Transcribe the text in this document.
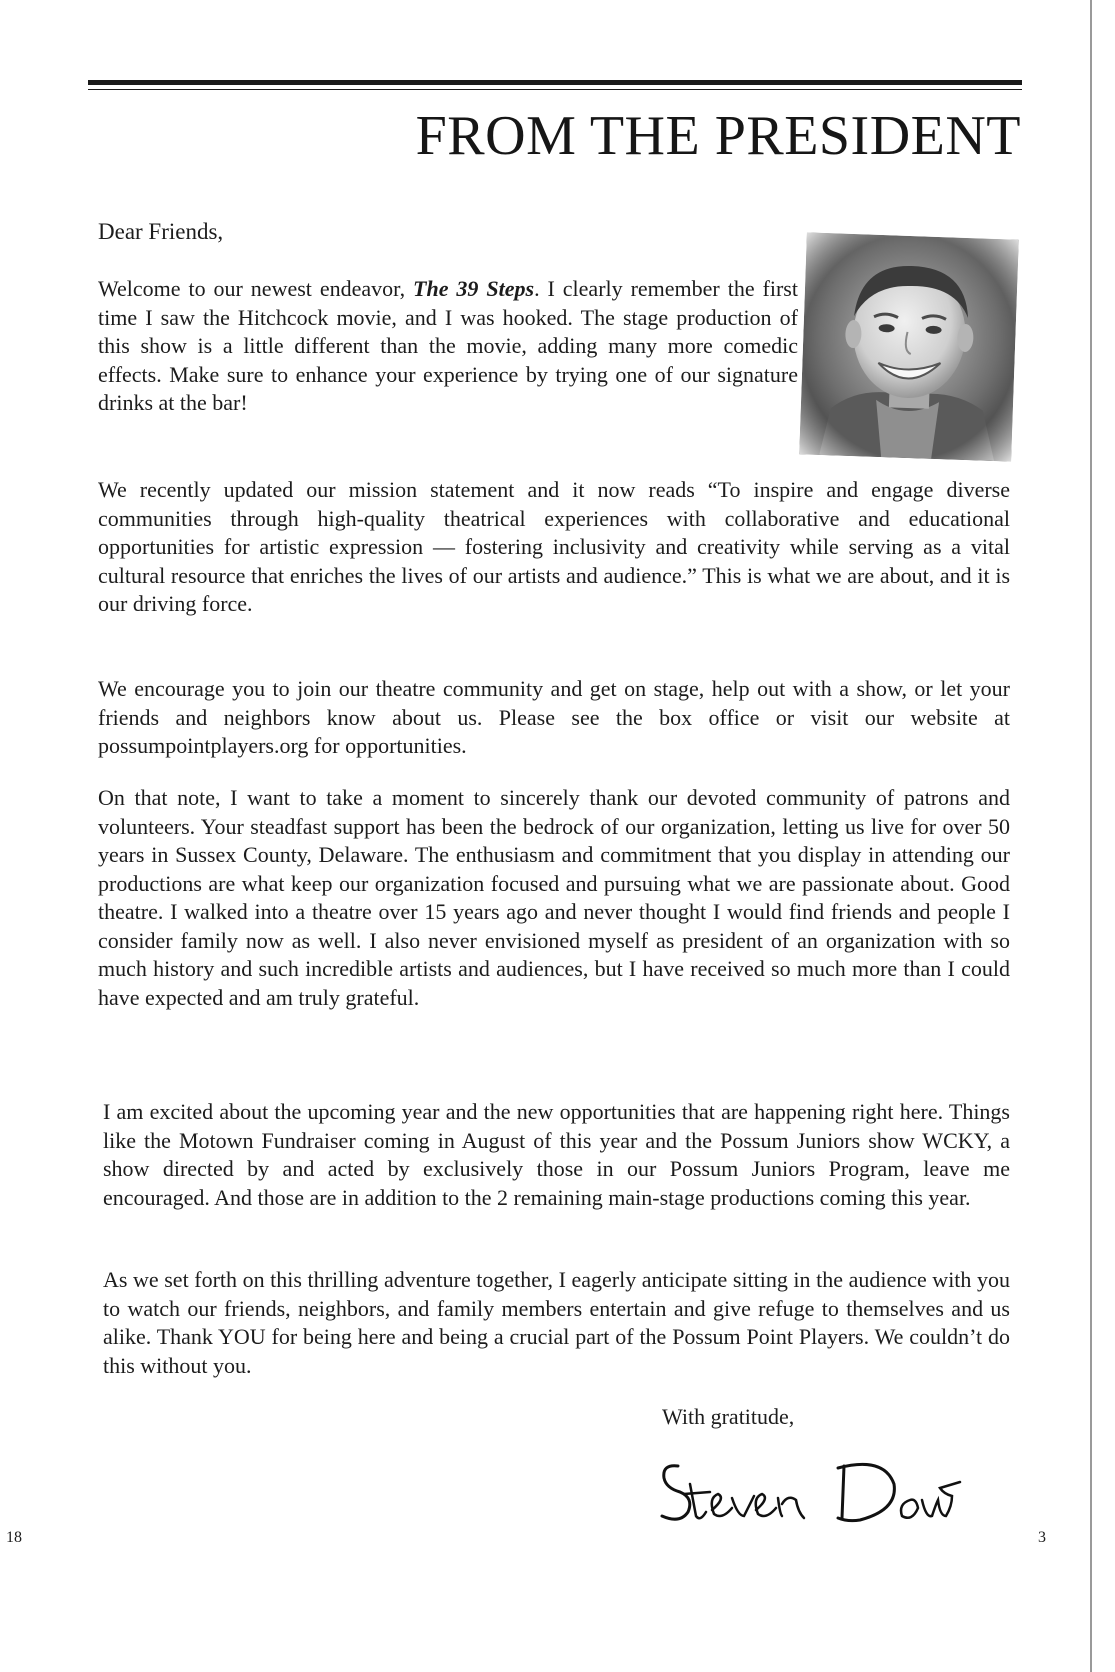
FROM THE PRESIDENT

Dear Friends,

Welcome to our newest endeavor, The 39 Steps. I clearly remember the first time I saw the Hitchcock movie, and I was hooked. The stage production of this show is a little different than the movie, adding many more comedic effects. Make sure to enhance your experience by trying one of our signature drinks at the bar!

We recently updated our mission statement and it now reads “To inspire and engage diverse communities through high-quality theatrical experiences with collaborative and educational opportunities for artistic expression — fostering inclusivity and creativity while serving as a vital cultural resource that enriches the lives of our artists and audience.” This is what we are about, and it is our driving force.

We encourage you to join our theatre community and get on stage, help out with a show, or let your friends and neighbors know about us. Please see the box office or visit our website at possumpointplayers.org for opportunities.

On that note, I want to take a moment to sincerely thank our devoted community of patrons and volunteers. Your steadfast support has been the bedrock of our organization, letting us live for over 50 years in Sussex County, Delaware. The enthusiasm and commitment that you display in attending our productions are what keep our organization focused and pursuing what we are passionate about. Good theatre. I walked into a theatre over 15 years ago and never thought I would find friends and people I consider family now as well. I also never envisioned myself as president of an organization with so much history and such incredible artists and audiences, but I have received so much more than I could have expected and am truly grateful.

I am excited about the upcoming year and the new opportunities that are happening right here. Things like the Motown Fundraiser coming in August of this year and the Possum Juniors show WCKY, a show directed by and acted by exclusively those in our Possum Juniors Program, leave me encouraged. And those are in addition to the 2 remaining main-stage productions coming this year.

As we set forth on this thrilling adventure together, I eagerly anticipate sitting in the audience with you to watch our friends, neighbors, and family members entertain and give refuge to themselves and us alike. Thank YOU for being here and being a crucial part of the Possum Point Players. We couldn’t do this without you.

With gratitude,

18	3
